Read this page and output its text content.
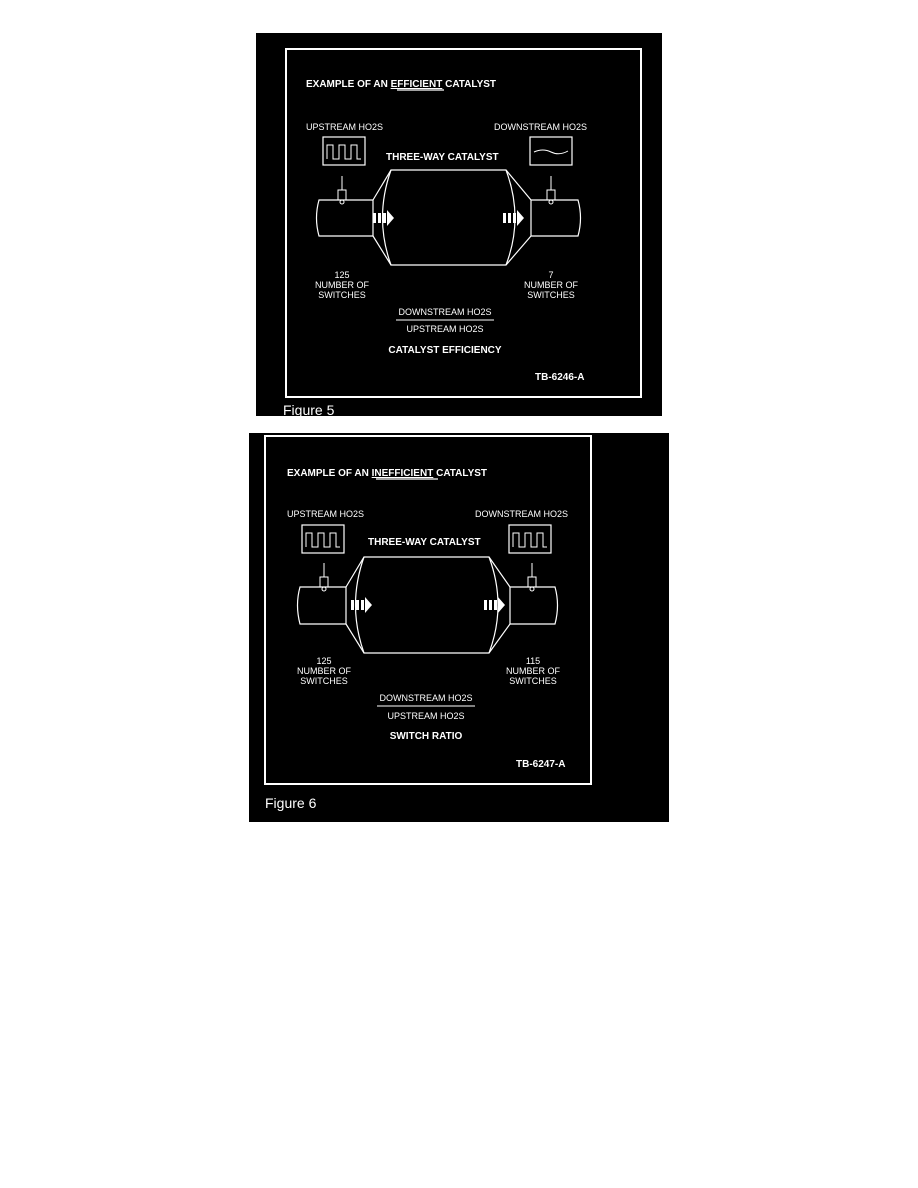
EXAMPLE OF AN EFFICIENT CATALYST
UPSTREAM HO2S	DOWNSTREAM HO2S
THREE-WAY CATALYST
125
NUMBER OF
SWITCHES
7
NUMBER OF
SWITCHES
DOWNSTREAM HO2S
UPSTREAM HO2S
CATALYST EFFICIENCY
TB-6246-A
Figure 5
EXAMPLE OF AN INEFFICIENT CATALYST
UPSTREAM HO2S	DOWNSTREAM HO2S
THREE-WAY CATALYST
125
NUMBER OF
SWITCHES
115
NUMBER OF
SWITCHES
DOWNSTREAM HO2S
UPSTREAM HO2S
SWITCH RATIO
TB-6247-A
Figure 6
